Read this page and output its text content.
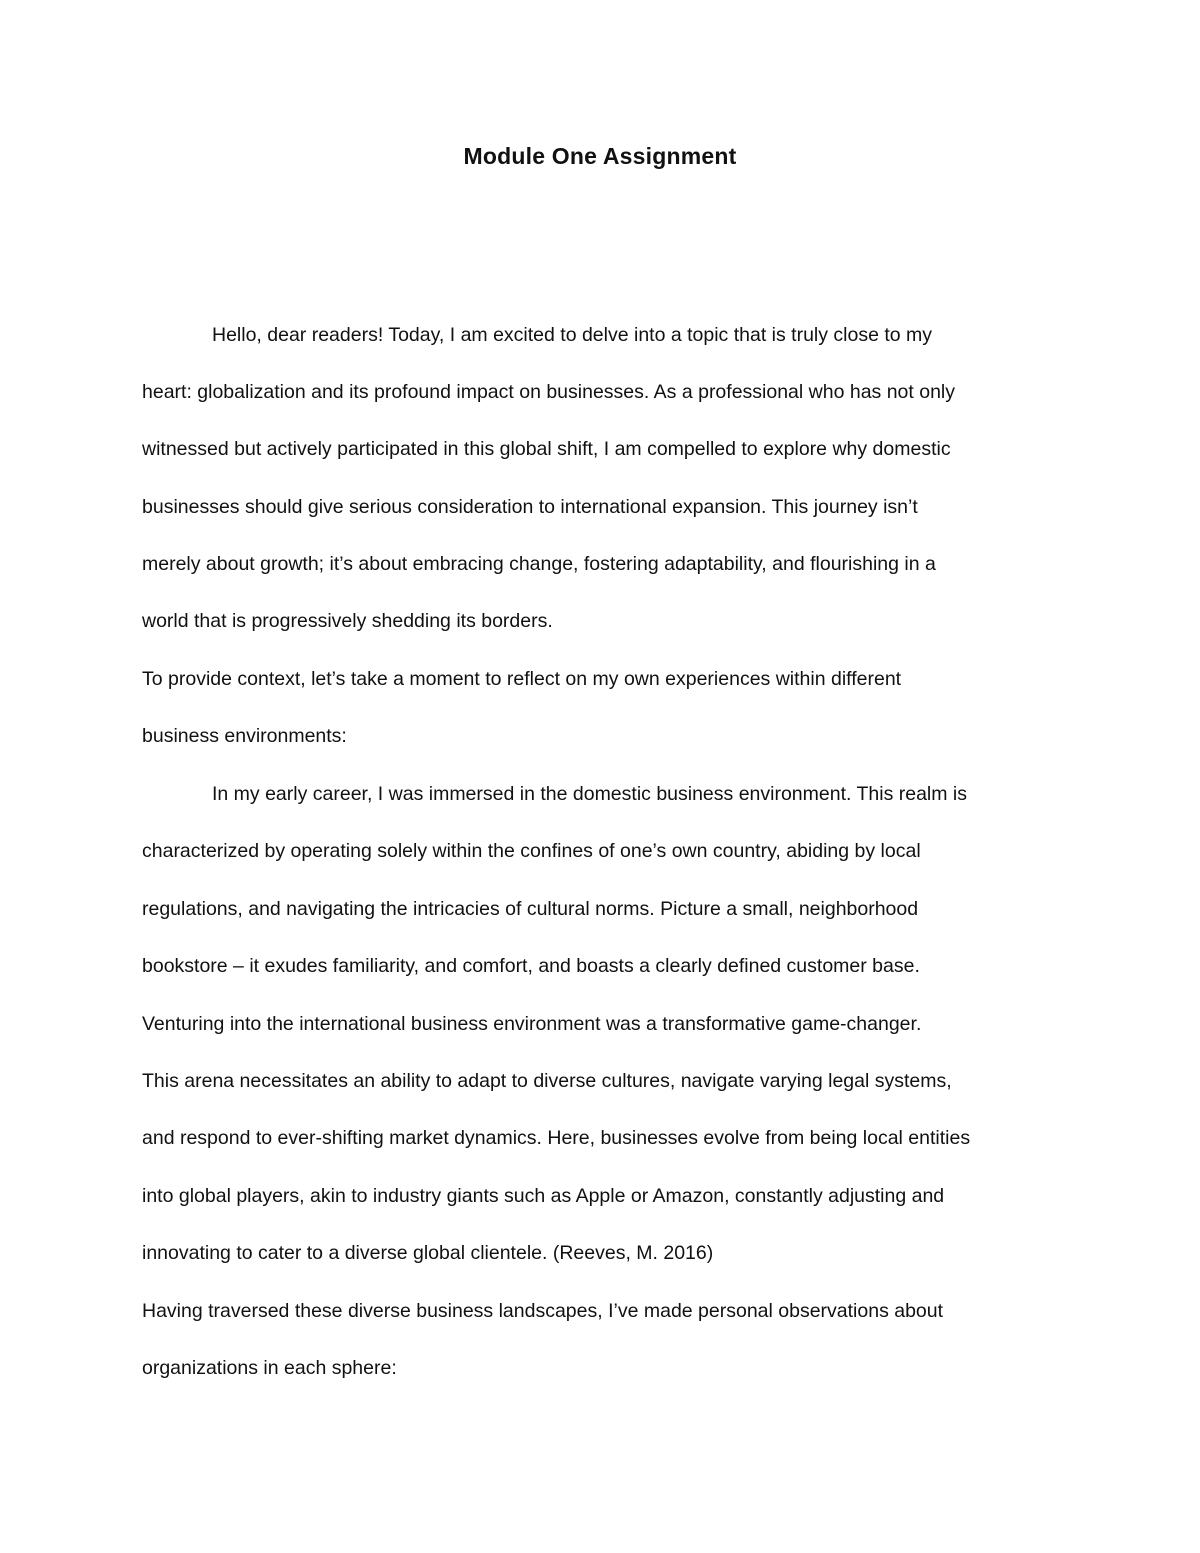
Module One Assignment
Hello, dear readers! Today, I am excited to delve into a topic that is truly close to my
heart: globalization and its profound impact on businesses. As a professional who has not only
witnessed but actively participated in this global shift, I am compelled to explore why domestic
businesses should give serious consideration to international expansion. This journey isn’t
merely about growth; it’s about embracing change, fostering adaptability, and flourishing in a
world that is progressively shedding its borders.
To provide context, let’s take a moment to reflect on my own experiences within different
business environments:
In my early career, I was immersed in the domestic business environment. This realm is
characterized by operating solely within the confines of one’s own country, abiding by local
regulations, and navigating the intricacies of cultural norms. Picture a small, neighborhood
bookstore – it exudes familiarity, and comfort, and boasts a clearly defined customer base.
Venturing into the international business environment was a transformative game-changer.
This arena necessitates an ability to adapt to diverse cultures, navigate varying legal systems,
and respond to ever-shifting market dynamics. Here, businesses evolve from being local entities
into global players, akin to industry giants such as Apple or Amazon, constantly adjusting and
innovating to cater to a diverse global clientele. (Reeves, M. 2016)
Having traversed these diverse business landscapes, I’ve made personal observations about
organizations in each sphere:
